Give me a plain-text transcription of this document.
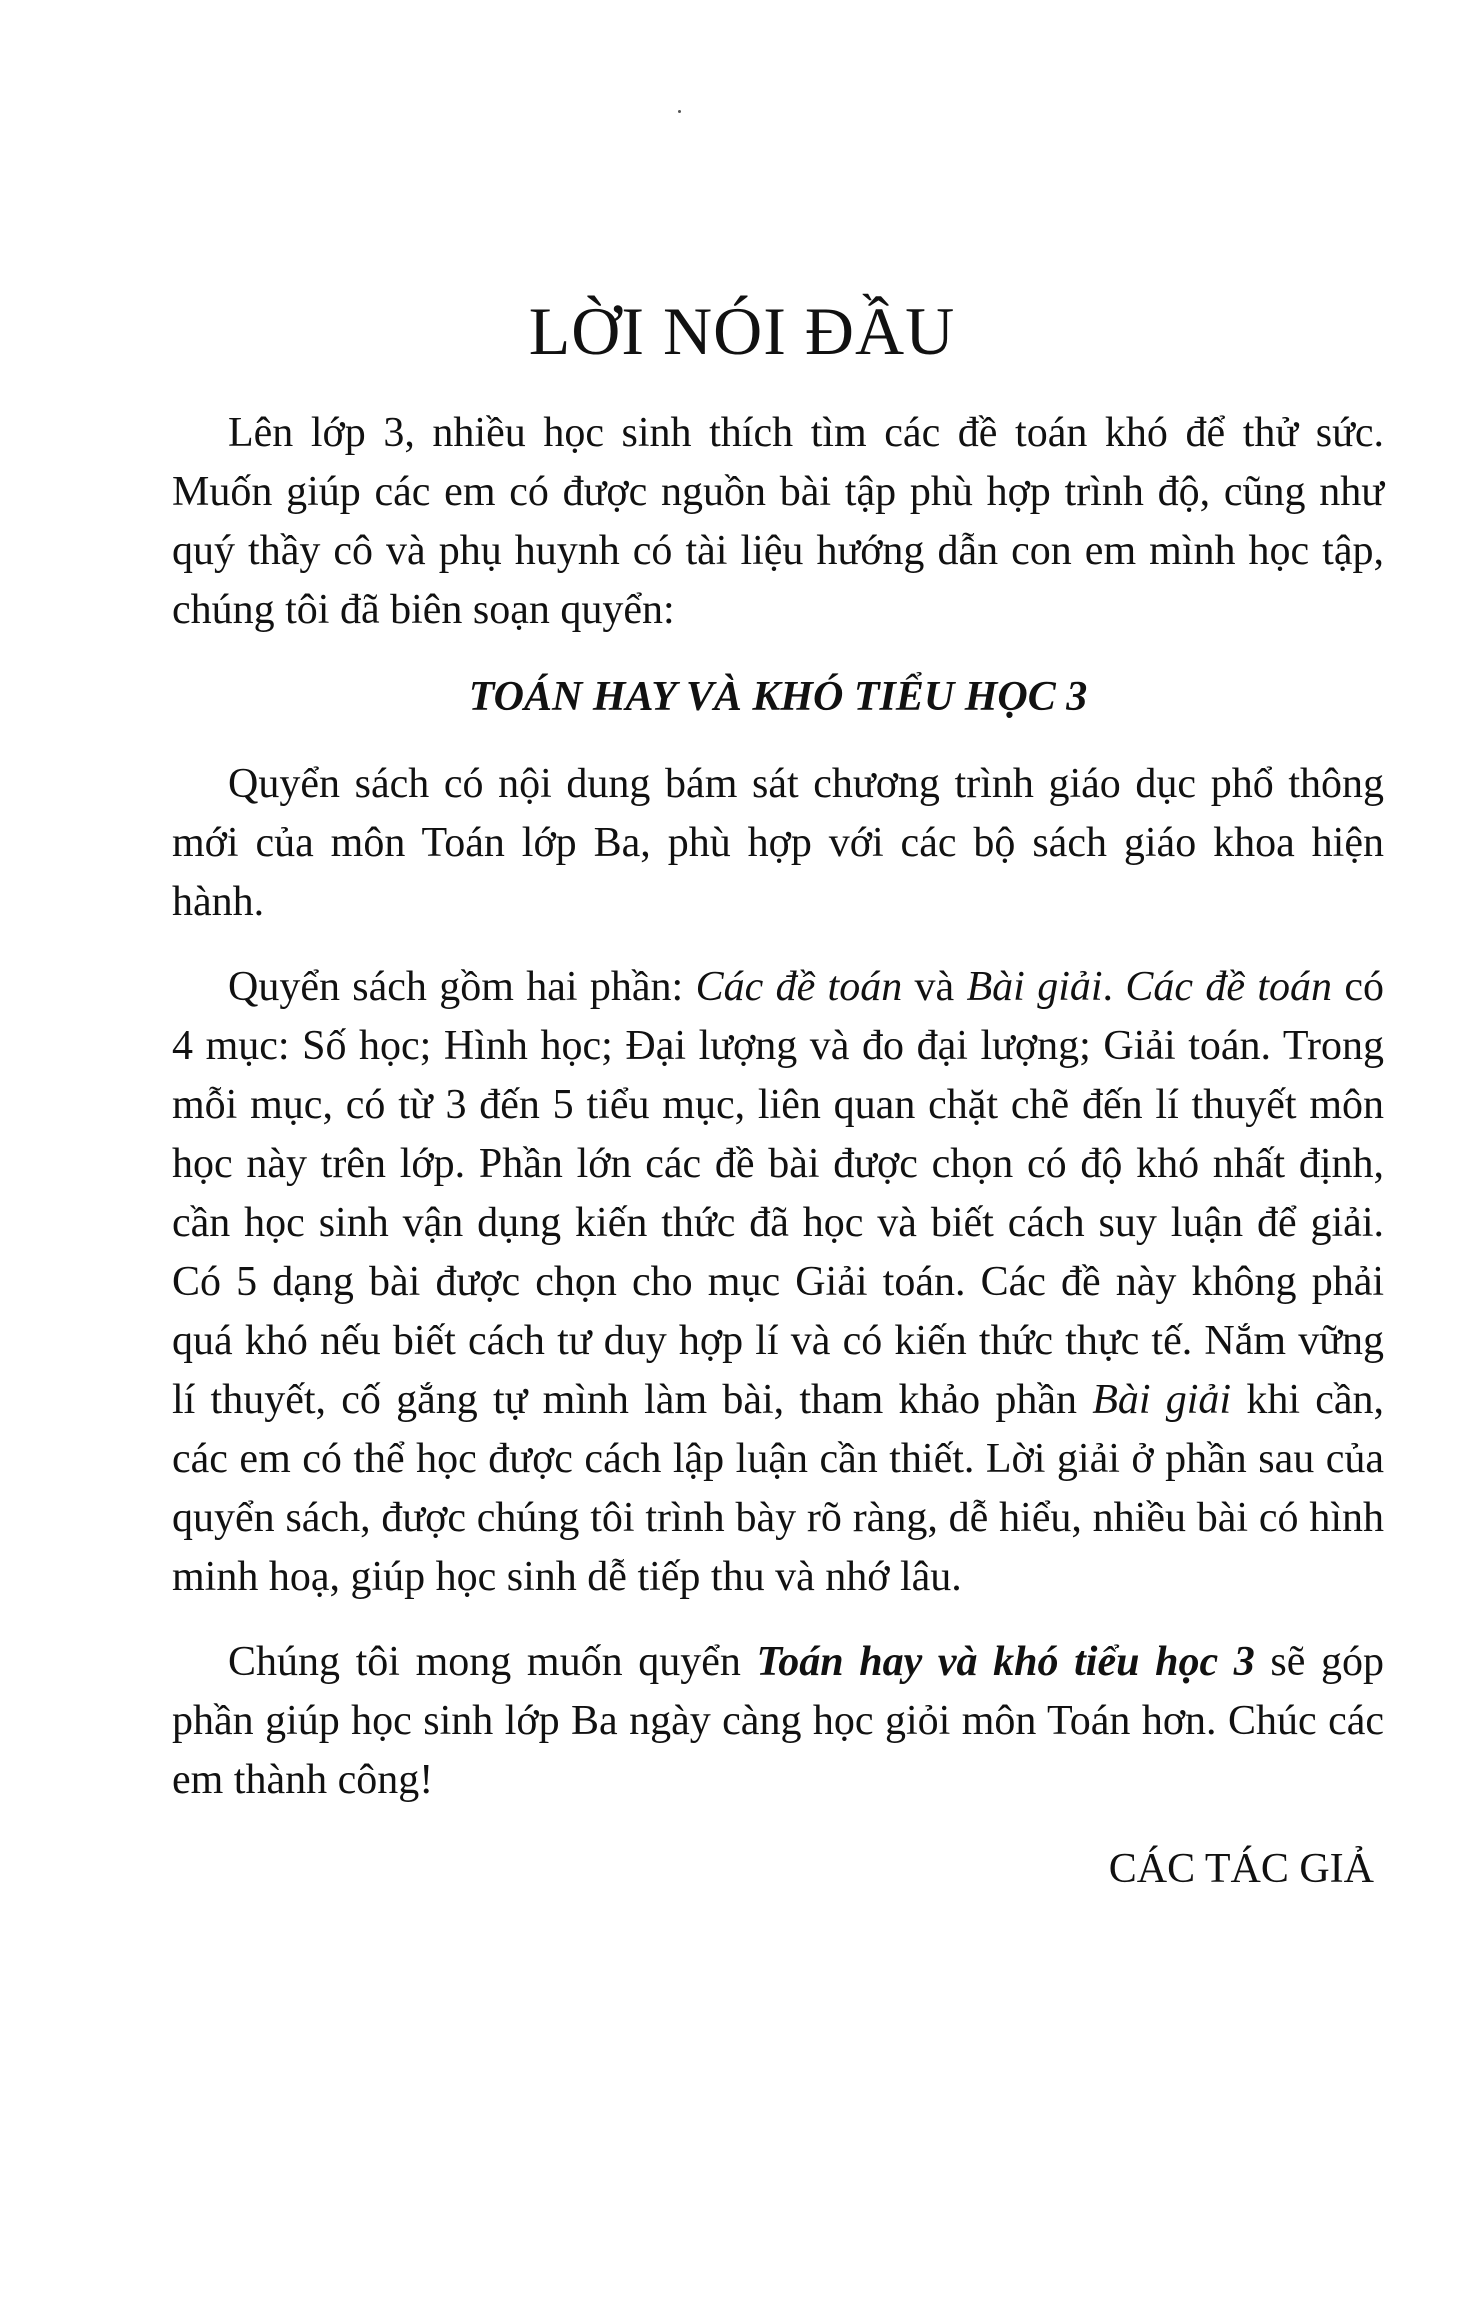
LỜI NÓI ĐẦU

Lên lớp 3, nhiều học sinh thích tìm các đề toán khó để thử sức. Muốn giúp các em có được nguồn bài tập phù hợp trình độ, cũng như quý thầy cô và phụ huynh có tài liệu hướng dẫn con em mình học tập, chúng tôi đã biên soạn quyển:

TOÁN HAY VÀ KHÓ TIỂU HỌC 3

Quyển sách có nội dung bám sát chương trình giáo dục phổ thông mới của môn Toán lớp Ba, phù hợp với các bộ sách giáo khoa hiện hành.

Quyển sách gồm hai phần: Các đề toán và Bài giải. Các đề toán có 4 mục: Số học; Hình học; Đại lượng và đo đại lượng; Giải toán. Trong mỗi mục, có từ 3 đến 5 tiểu mục, liên quan chặt chẽ đến lí thuyết môn học này trên lớp. Phần lớn các đề bài được chọn có độ khó nhất định, cần học sinh vận dụng kiến thức đã học và biết cách suy luận để giải. Có 5 dạng bài được chọn cho mục Giải toán. Các đề này không phải quá khó nếu biết cách tư duy hợp lí và có kiến thức thực tế. Nắm vững lí thuyết, cố gắng tự mình làm bài, tham khảo phần Bài giải khi cần, các em có thể học được cách lập luận cần thiết. Lời giải ở phần sau của quyển sách, được chúng tôi trình bày rõ ràng, dễ hiểu, nhiều bài có hình minh hoạ, giúp học sinh dễ tiếp thu và nhớ lâu.

Chúng tôi mong muốn quyển Toán hay và khó tiểu học 3 sẽ góp phần giúp học sinh lớp Ba ngày càng học giỏi môn Toán hơn. Chúc các em thành công!

CÁC TÁC GIẢ
